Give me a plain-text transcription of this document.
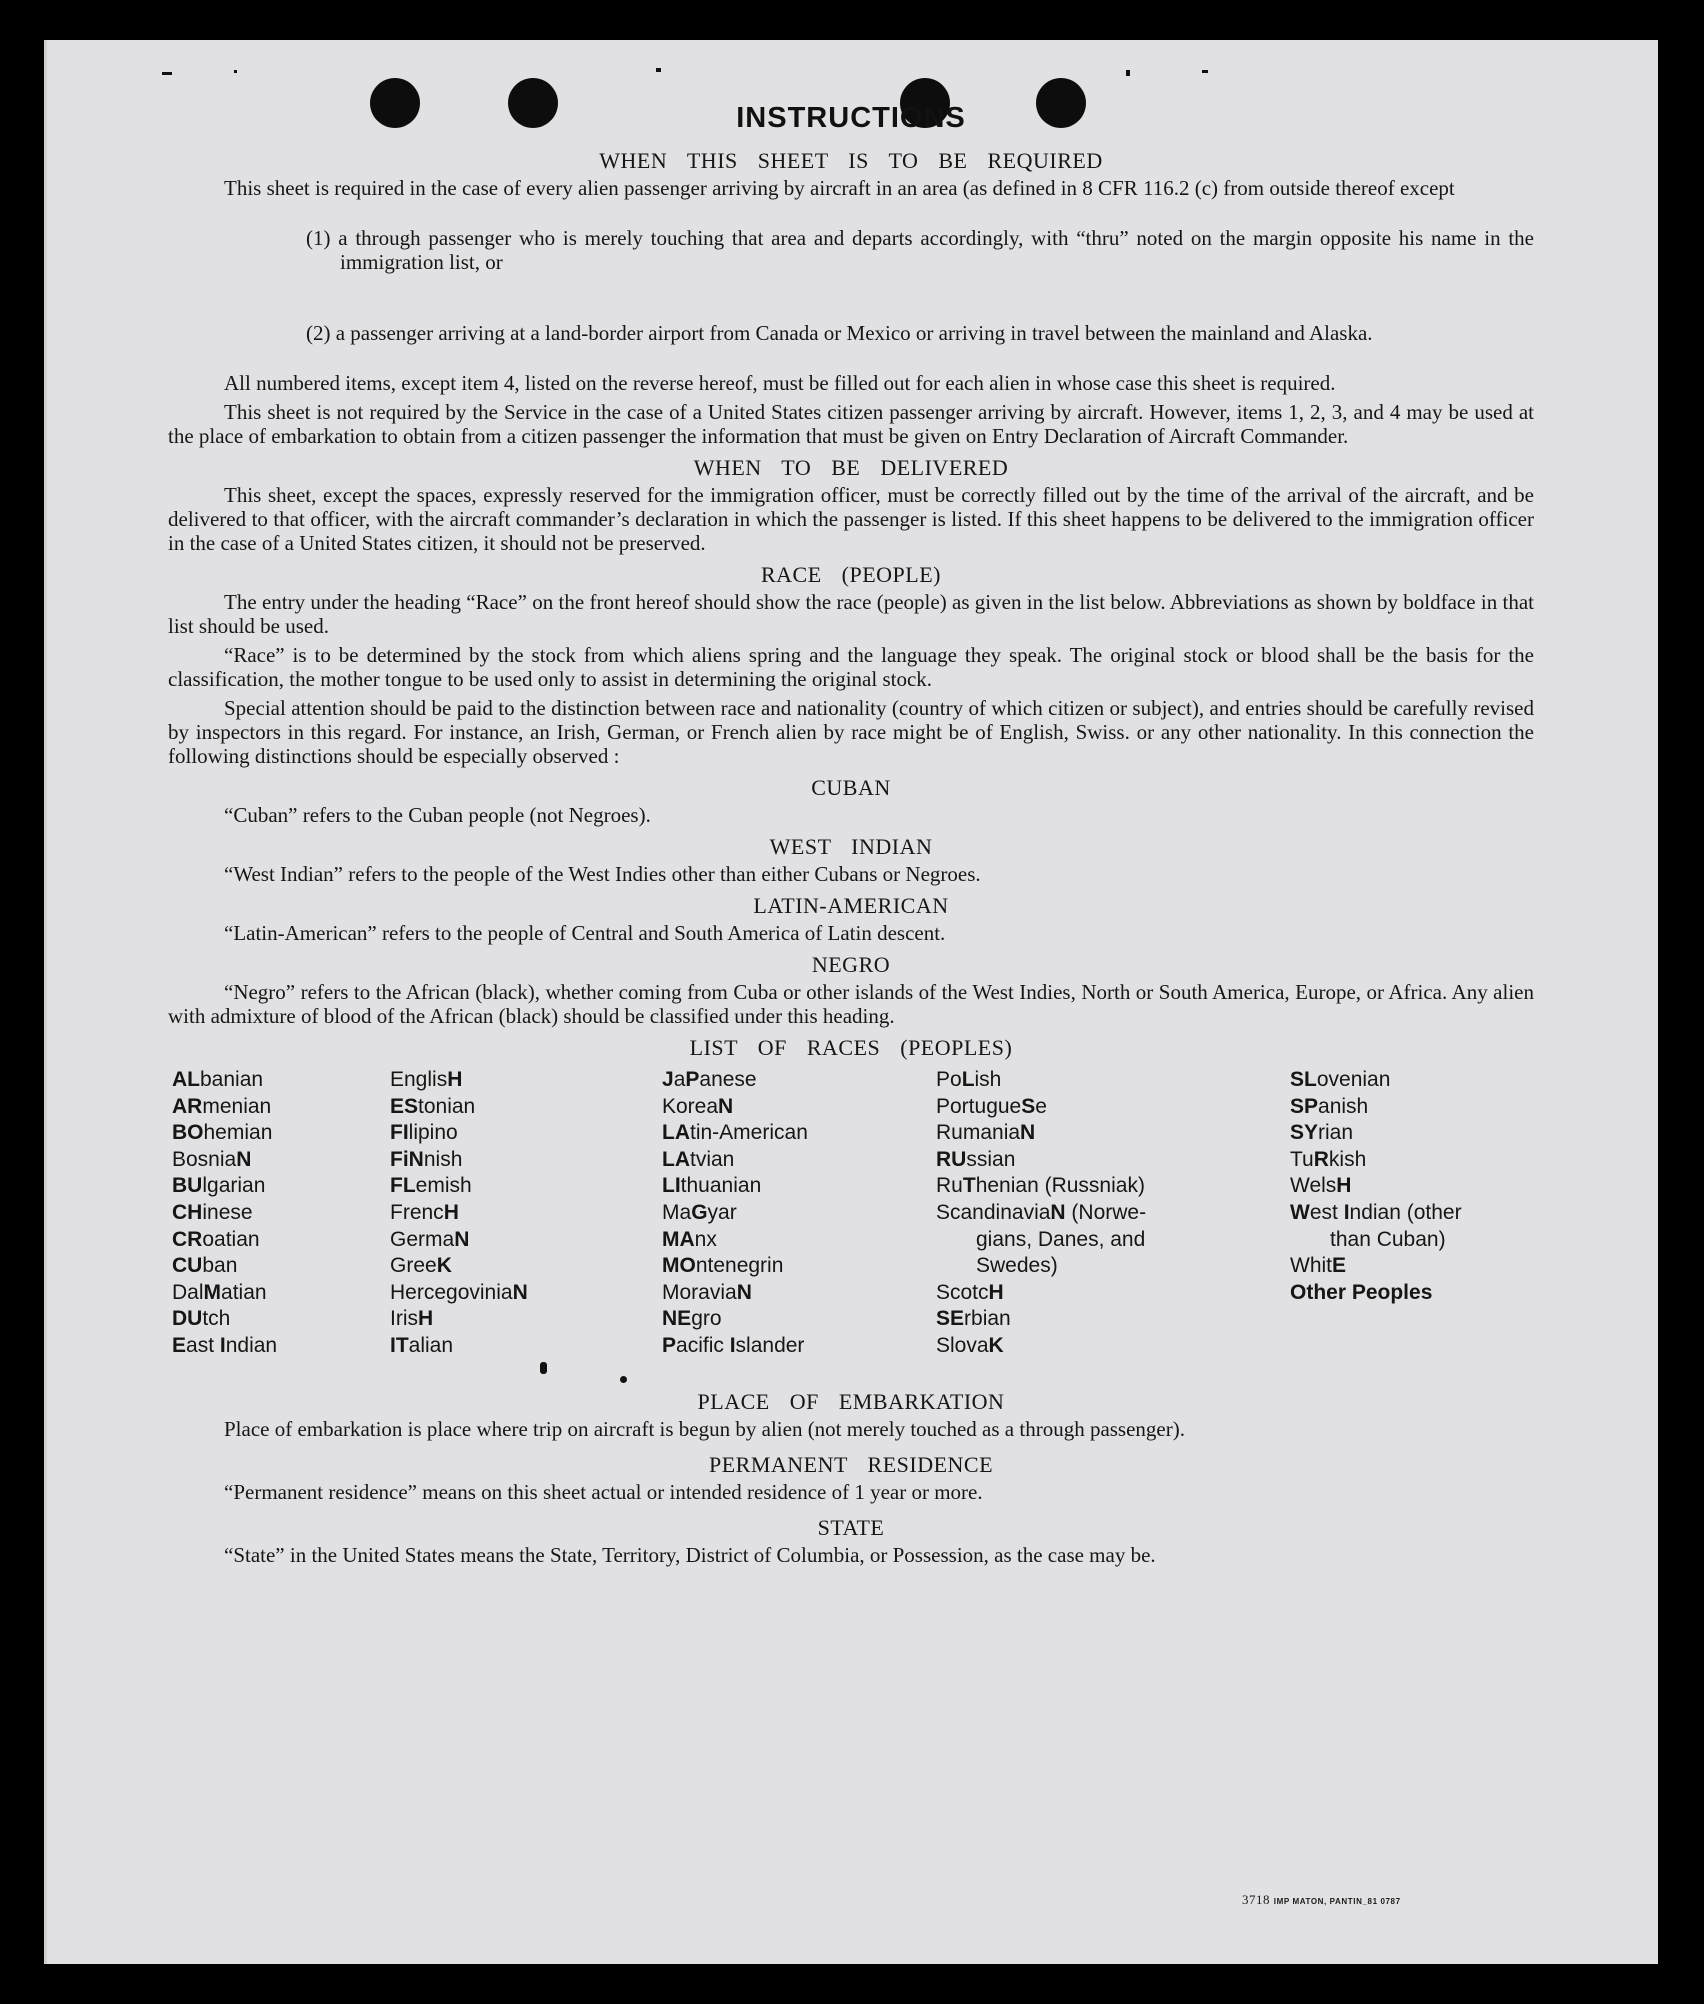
INSTRUCTIONS
WHEN THIS SHEET IS TO BE REQUIRED

This sheet is required in the case of every alien passenger arriving by aircraft in an area (as defined in 8 CFR 116.2 (c) from outside thereof except

(1) a through passenger who is merely touching that area and departs accordingly, with “thru” noted on the margin opposite his name in the immigration list, or

(2) a passenger arriving at a land-border airport from Canada or Mexico or arriving in travel between the mainland and Alaska.

All numbered items, except item 4, listed on the reverse hereof, must be filled out for each alien in whose case this sheet is required.

This sheet is not required by the Service in the case of a United States citizen passenger arriving by aircraft. However, items 1, 2, 3, and 4 may be used at the place of embarkation to obtain from a citizen passenger the information that must be given on Entry Declaration of Aircraft Commander.

WHEN TO BE DELIVERED

This sheet, except the spaces, expressly reserved for the immigration officer, must be correctly filled out by the time of the arrival of the aircraft, and be delivered to that officer, with the aircraft commander’s declaration in which the passenger is listed. If this sheet happens to be delivered to the immigration officer in the case of a United States citizen, it should not be preserved.

RACE (PEOPLE)

The entry under the heading “Race” on the front hereof should show the race (people) as given in the list below. Abbreviations as shown by boldface in that list should be used.

“Race” is to be determined by the stock from which aliens spring and the language they speak. The original stock or blood shall be the basis for the classification, the mother tongue to be used only to assist in determining the original stock.

Special attention should be paid to the distinction between race and nationality (country of which citizen or subject), and entries should be carefully revised by inspectors in this regard. For instance, an Irish, German, or French alien by race might be of English, Swiss. or any other nationality. In this connection the following distinctions should be especially observed :

CUBAN

“Cuban” refers to the Cuban people (not Negroes).

WEST INDIAN

“West Indian” refers to the people of the West Indies other than either Cubans or Negroes.

LATIN-AMERICAN

“Latin-American” refers to the people of Central and South America of Latin descent.

NEGRO

“Negro” refers to the African (black), whether coming from Cuba or other islands of the West Indies, North or South America, Europe, or Africa. Any alien with admixture of blood of the African (black) should be classified under this heading.

LIST OF RACES (PEOPLES)
ALbanian
ARmenian
BOhemian
BosniaN
BUlgarian
CHinese
CRoatian
CUban
DalMatian
DUtch
East Indian
EnglisH
EStonian
FIlipino
FiNnish
FLemish
FrencH
GermaN
GreeK
HercegoviniaN
IrisH
ITalian
JaPanese
KoreaN
LAtin-American
LAtvian
LIthuanian
MaGyar
MAnx
MOntenegrin
MoraviaN
NEgro
Pacific Islander
PoLish
PortugueSe
RumaniaN
RUssian
RuThenian (Russniak)
ScandinaviaN (Norwe-
gians, Danes, and
Swedes)
ScotcH
SErbian
SlovaK
SLovenian
SPanish
SYrian
TuRkish
WelsH
West Indian (other
than Cuban)
WhitE
Other Peoples
PLACE OF EMBARKATION

Place of embarkation is place where trip on aircraft is begun by alien (not merely touched as a through passenger).

PERMANENT RESIDENCE

“Permanent residence” means on this sheet actual or intended residence of 1 year or more.

STATE

“State” in the United States means the State, Territory, District of Columbia, or Possession, as the case may be.

3718 IMP MATON, PANTIN_81 0787
